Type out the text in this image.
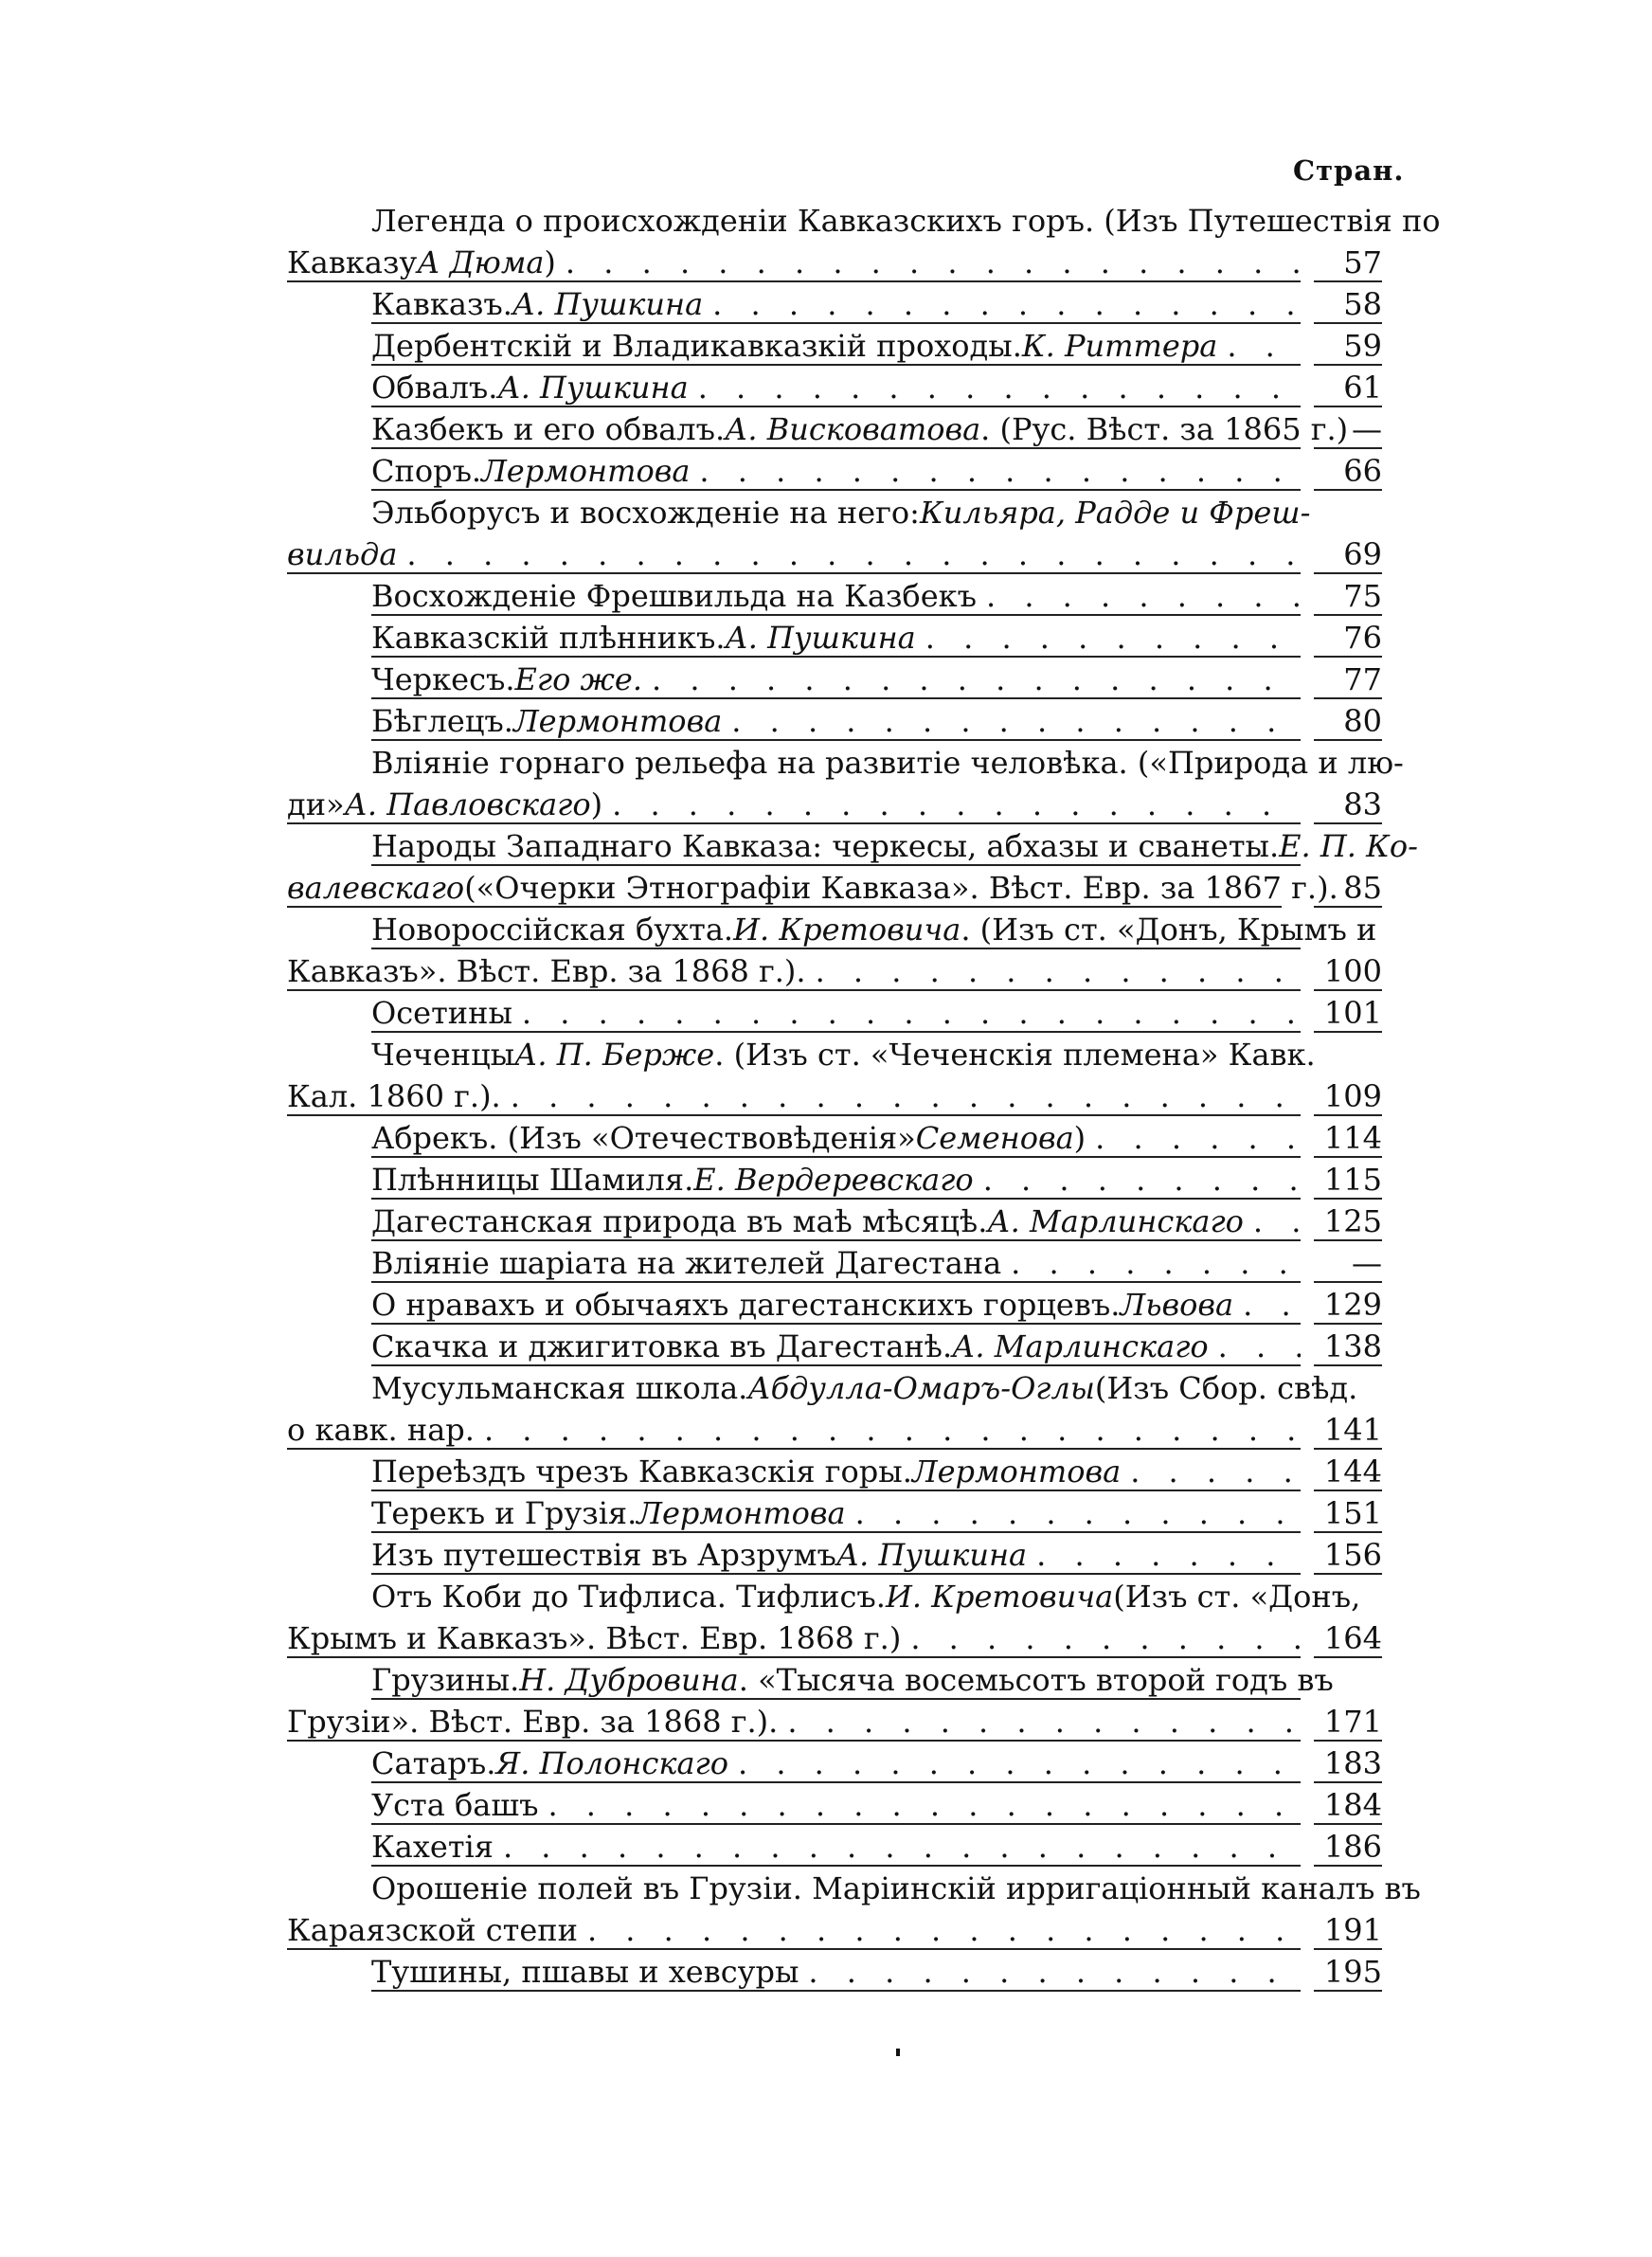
Стран.
Легенда о происхожденіи Кавказскихъ горъ. (Изъ Путешествія по
Кавказу А Дюма ) . . .	57
Кавказъ. А. Пушкина . . .	58
Дербентскій и Владикавказкій проходы. К. Риттера . . .	59
Обвалъ. А. Пушкина . . .	61
Казбекъ и его обвалъ. А. Висковатова . (Рус. Вѣст. за 1865 г.) —
Споръ. Лермонтова . . .	66
Эльборусъ и восхожденіе на него: Кильяра, Радде и Фреш-
вильда . . .	69
Восхожденіе Фрешвильда на Казбекъ . . .	75
Кавказскій плѣнникъ. А. Пушкина . . .	76
Черкесъ. Его же. . . .	77
Бѣглецъ. Лермонтова . . .	80
Вліяніе горнаго рельефа на развитіе человѣка. («Природа и лю-
ди» А. Павловскаго ) . . .	83
Народы Западнаго Кавказа: черкесы, абхазы и сванеты. Е. П. Ко-
валевскаго («Очерки Этнографіи Кавказа». Вѣст. Евр. за 1867 г.). 85
Новороссійская бухта. И. Кретовича . (Изъ ст. «Донъ, Крымъ и
Кавказъ». Вѣст. Евр. за 1868 г.). . . .	100
Осетины . . .	101
Чеченцы А. П. Берже . (Изъ ст. «Чеченскія племена» Кавк.
Кал. 1860 г.). . . .	109
Абрекъ. (Изъ «Отечествовѣденія» Семенова ) . . .	114
Плѣнницы Шамиля. Е. Вердеревскаго . . .	115
Дагестанская природа въ маѣ мѣсяцѣ. А. Марлинскаго . . .	125
Вліяніе шаріата на жителей Дагестана . . .	—
О нравахъ и обычаяхъ дагестанскихъ горцевъ. Львова . . .	129
Скачка и джигитовка въ Дагестанѣ. А. Марлинскаго . . .	138
Мусульманская школа. Абдулла-Омаръ-Оглы (Изъ Сбор. свѣд.
о кавк. нар. . . .	141
Переѣздъ чрезъ Кавказскія горы. Лермонтова . . .	144
Терекъ и Грузія. Лермонтова . . .	151
Изъ путешествія въ Арзрумъ А. Пушкина . . .	156
Отъ Коби до Тифлиса. Тифлисъ. И. Кретовича (Изъ ст. «Донъ,
Крымъ и Кавказъ». Вѣст. Евр. 1868 г.) . . .	164
Грузины. Н. Дубровина . «Тысяча восемьсотъ второй годъ въ
Грузіи». Вѣст. Евр. за 1868 г.). . . .	171
Сатаръ. Я. Полонскаго . . .	183
Уста башъ . . .	184
Кахетія . . .	186
Орошеніе полей въ Грузіи. Маріинскій ирригаціонный каналъ въ
Караязской степи . . .	191
Тушины, пшавы и хевсуры . . .	195
